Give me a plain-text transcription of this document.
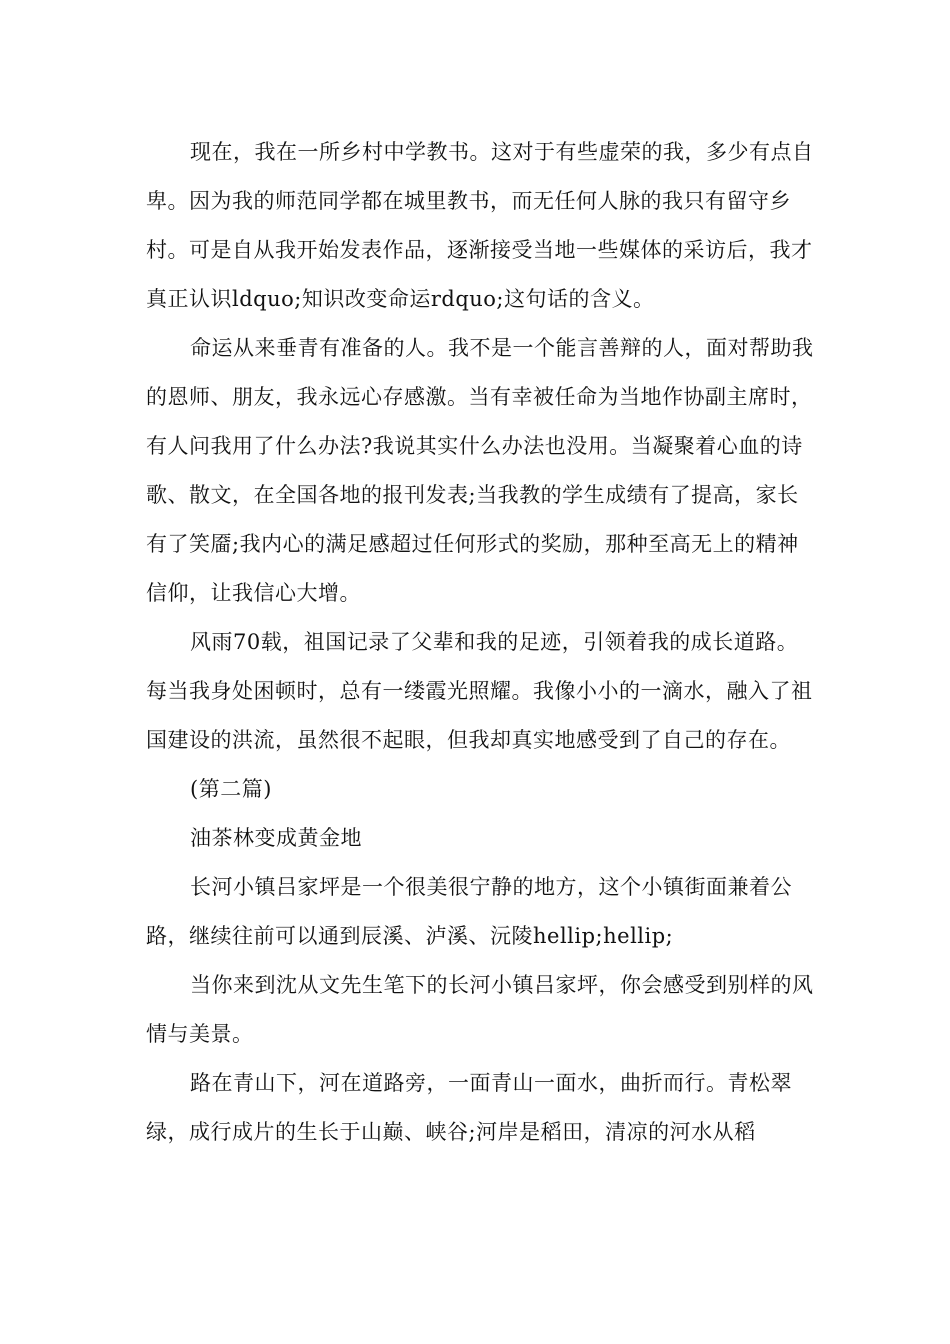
现在，我在一所乡村中学教书。这对于有些虚荣的我，多少有点自卑。因为我的师范同学都在城里教书，而无任何人脉的我只有留守乡村。可是自从我开始发表作品，逐渐接受当地一些媒体的采访后，我才真正认识ldquo;知识改变命运rdquo;这句话的含义。

命运从来垂青有准备的人。我不是一个能言善辩的人，面对帮助我的恩师、朋友，我永远心存感激。当有幸被任命为当地作协副主席时，有人问我用了什么办法?我说其实什么办法也没用。当凝聚着心血的诗歌、散文，在全国各地的报刊发表;当我教的学生成绩有了提高，家长有了笑靥;我内心的满足感超过任何形式的奖励，那种至高无上的精神信仰，让我信心大增。

风雨70载，祖国记录了父辈和我的足迹，引领着我的成长道路。每当我身处困顿时，总有一缕霞光照耀。我像小小的一滴水，融入了祖国建设的洪流，虽然很不起眼，但我却真实地感受到了自己的存在。

(第二篇)

油茶林变成黄金地

长河小镇吕家坪是一个很美很宁静的地方，这个小镇街面兼着公路，继续往前可以通到辰溪、泸溪、沅陵hellip;hellip;

当你来到沈从文先生笔下的长河小镇吕家坪，你会感受到别样的风情与美景。

路在青山下，河在道路旁，一面青山一面水，曲折而行。青松翠绿，成行成片的生长于山巅、峡谷;河岸是稻田，清凉的河水从稻
